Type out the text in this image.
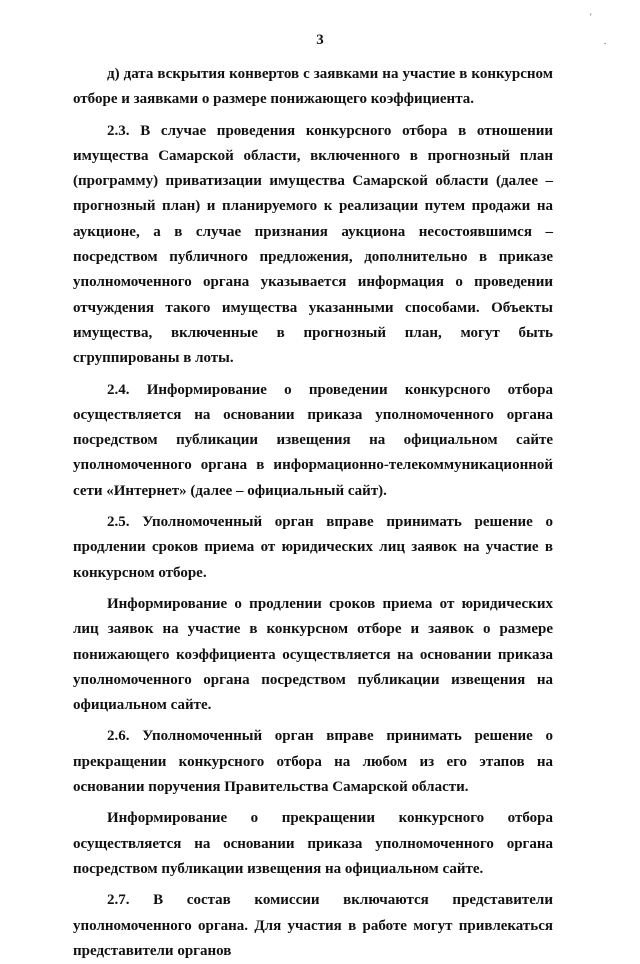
'
.
3

д) дата вскрытия конвертов с заявками на участие в конкурсном отборе и заявками о размере понижающего коэффициента.

2.3. В случае проведения конкурсного отбора в отношении имущества Самарской области, включенного в прогнозный план (программу) приватизации имущества Самарской области (далее – прогнозный план) и планируемого к реализации путем продажи на аукционе, а в случае признания аукциона несостоявшимся – посредством публичного предложения, дополнительно в приказе уполномоченного органа указывается информация о проведении отчуждения такого имущества указанными способами. Объекты имущества, включенные в прогнозный план, могут быть сгруппированы в лоты.

2.4. Информирование о проведении конкурсного отбора осуществляется на основании приказа уполномоченного органа посредством публикации извещения на официальном сайте уполномоченного органа в информационно-телекоммуникационной сети «Интернет» (далее – официальный сайт).

2.5. Уполномоченный орган вправе принимать решение о продлении сроков приема от юридических лиц заявок на участие в конкурсном отборе.

Информирование о продлении сроков приема от юридических лиц заявок на участие в конкурсном отборе и заявок о размере понижающего коэффициента осуществляется на основании приказа уполномоченного органа посредством публикации извещения на официальном сайте.

2.6. Уполномоченный орган вправе принимать решение о прекращении конкурсного отбора на любом из его этапов на основании поручения Правительства Самарской области.

Информирование о прекращении конкурсного отбора осуществляется на основании приказа уполномоченного органа посредством публикации извещения на официальном сайте.

2.7. В состав комиссии включаются представители уполномоченного органа. Для участия в работе могут привлекаться представители органов
